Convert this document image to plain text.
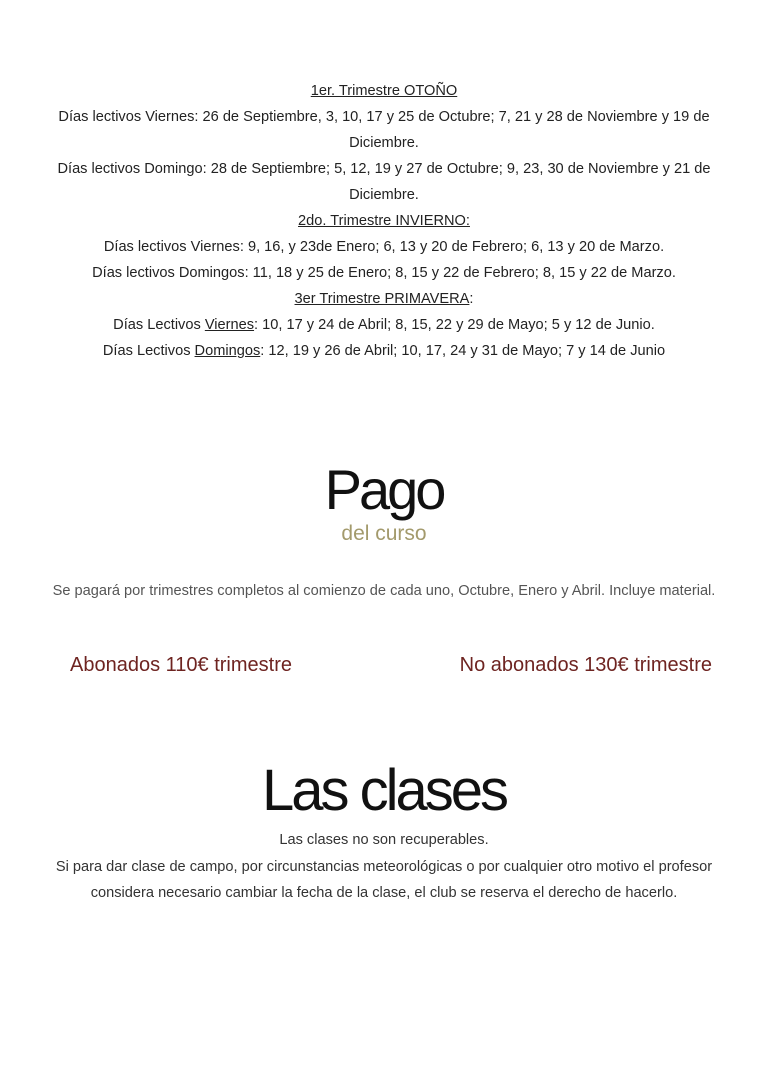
1er. Trimestre OTOÑO

Días lectivos Viernes: 26 de Septiembre, 3, 10, 17 y 25 de Octubre; 7, 21 y 28 de Noviembre y 19 de Diciembre.

Días lectivos Domingo: 28 de Septiembre; 5, 12, 19 y 27 de Octubre; 9, 23, 30 de Noviembre y 21 de Diciembre.

2do. Trimestre INVIERNO:

Días lectivos Viernes: 9, 16, y 23de Enero; 6, 13 y 20 de Febrero; 6, 13 y 20 de Marzo.

Días lectivos Domingos: 11, 18 y 25 de Enero; 8, 15 y 22 de Febrero; 8, 15 y 22 de Marzo.

3er Trimestre PRIMAVERA:

Días Lectivos Viernes: 10, 17 y 24 de Abril; 8, 15, 22 y 29 de Mayo; 5 y 12 de Junio.

Días Lectivos Domingos: 12, 19 y 26 de Abril; 10, 17, 24 y 31 de Mayo; 7 y 14 de Junio

Pago
del curso
Se pagará por trimestres completos al comienzo de cada uno, Octubre, Enero y Abril. Incluye material.
Abonados 110€ trimestre	No abonados 130€ trimestre
Las clases

Las clases no son recuperables.

Si para dar clase de campo, por circunstancias meteorológicas o por cualquier otro motivo el profesor considera necesario cambiar la fecha de la clase, el club se reserva el derecho de hacerlo.
